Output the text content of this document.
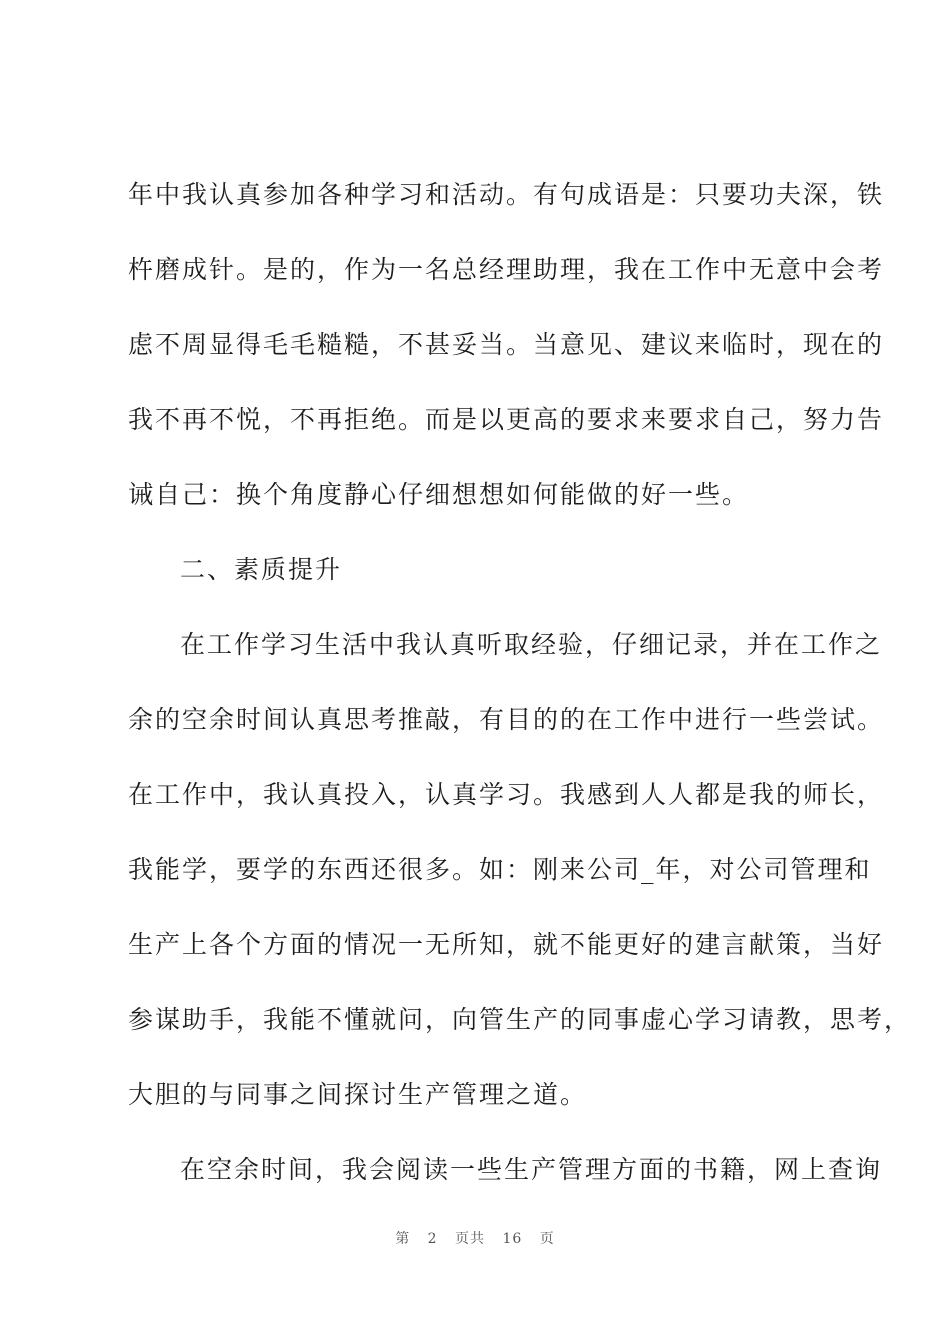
年中我认真参加各种学习和活动。有句成语是：只要功夫深，铁
杵磨成针。是的，作为一名总经理助理，我在工作中无意中会考
虑不周显得毛毛糙糙，不甚妥当。当意见、建议来临时，现在的
我不再不悦，不再拒绝。而是以更高的要求来要求自己，努力告
诫自己：换个角度静心仔细想想如何能做的好一些。
二、素质提升
在工作学习生活中我认真听取经验，仔细记录，并在工作之
余的空余时间认真思考推敲，有目的的在工作中进行一些尝试。
在工作中，我认真投入，认真学习。我感到人人都是我的师长，
我能学，要学的东西还很多。如：刚来公司_年，对公司管理和
生产上各个方面的情况一无所知，就不能更好的建言献策，当好
参谋助手，我能不懂就问，向管生产的同事虚心学习请教，思考，
大胆的与同事之间探讨生产管理之道。
在空余时间，我会阅读一些生产管理方面的书籍，网上查询
第 2 页共 16 页
